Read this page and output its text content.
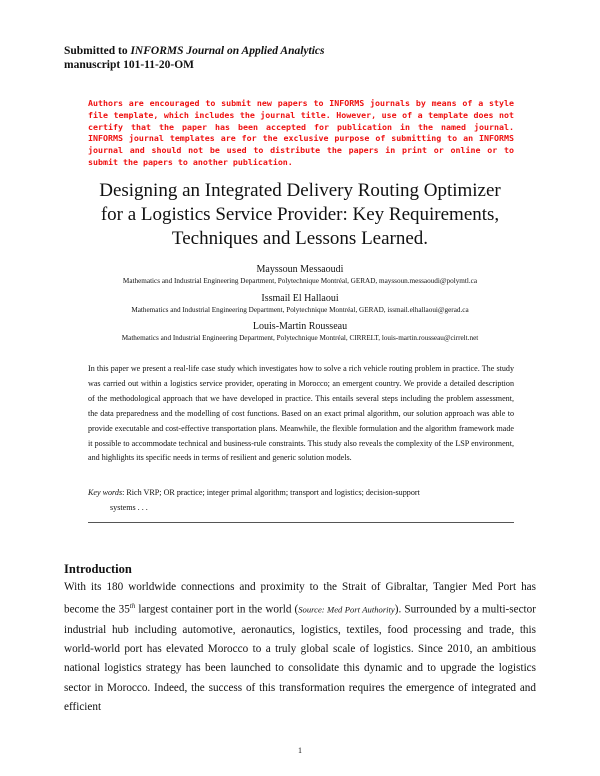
Submitted to INFORMS Journal on Applied Analytics
manuscript 101-11-20-OM
Authors are encouraged to submit new papers to INFORMS journals by means of a style file template, which includes the journal title. However, use of a template does not certify that the paper has been accepted for publication in the named journal. INFORMS journal templates are for the exclusive purpose of submitting to an INFORMS journal and should not be used to distribute the papers in print or online or to submit the papers to another publication.
Designing an Integrated Delivery Routing Optimizer
for a Logistics Service Provider: Key Requirements,
Techniques and Lessons Learned.
Mayssoun Messaoudi
Mathematics and Industrial Engineering Department, Polytechnique Montréal, GERAD, mayssoun.messaoudi@polymtl.ca
Issmail El Hallaoui
Mathematics and Industrial Engineering Department, Polytechnique Montréal, GERAD, issmail.elhallaoui@gerad.ca
Louis-Martin Rousseau
Mathematics and Industrial Engineering Department, Polytechnique Montréal, CIRRELT, louis-martin.rousseau@cirrelt.net
In this paper we present a real-life case study which investigates how to solve a rich vehicle routing problem in practice. The study was carried out within a logistics service provider, operating in Morocco; an emergent country. We provide a detailed description of the methodological approach that we have developed in practice. This entails several steps including the problem assessment, the data preparedness and the modelling of cost functions. Based on an exact primal algorithm, our solution approach was able to provide executable and cost-effective transportation plans. Meanwhile, the flexible formulation and the algorithm framework made it possible to accommodate technical and business-rule constraints. This study also reveals the complexity of the LSP environment, and highlights its specific needs in terms of resilient and generic solution models.
Key words: Rich VRP; OR practice; integer primal algorithm; transport and logistics; decision-support
systems . . .
Introduction
With its 180 worldwide connections and proximity to the Strait of Gibraltar, Tangier Med Port has become the 35th largest container port in the world (Source: Med Port Authority). Surrounded by a multi-sector industrial hub including automotive, aeronautics, logistics, textiles, food processing and trade, this world-world port has elevated Morocco to a truly global scale of logistics. Since 2010, an ambitious national logistics strategy has been launched to consolidate this dynamic and to upgrade the logistics sector in Morocco. Indeed, the success of this transformation requires the emergence of integrated and efficient
1
